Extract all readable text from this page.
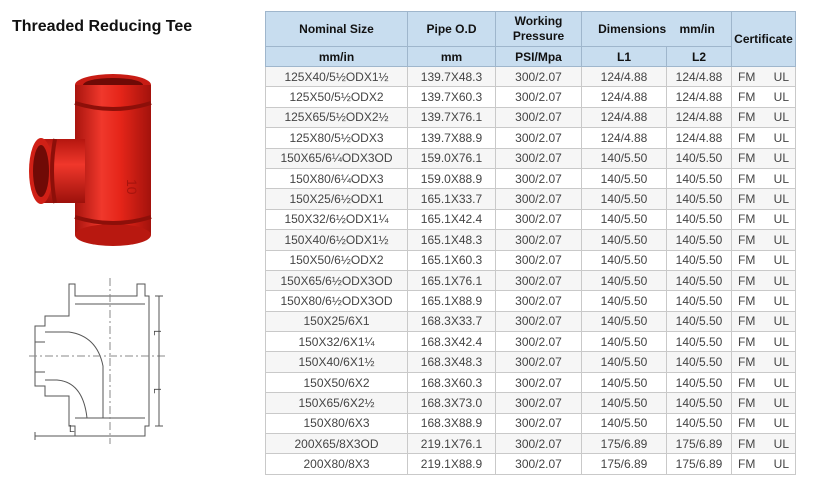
Threaded Reducing Tee
10
L
L
L
Nominal Size	Pipe O.D	Working Pressure	Dimensions mm/in		Certificate
mm/in	mm	PSI/Mpa	L1	L2	
125X40/5½ODX1½	139.7X48.3	300/2.07	124/4.88	124/4.88	FM UL

125X50/5½ODX2	139.7X60.3	300/2.07	124/4.88	124/4.88	FM UL

125X65/5½ODX2½	139.7X76.1	300/2.07	124/4.88	124/4.88	FM UL

125X80/5½ODX3	139.7X88.9	300/2.07	124/4.88	124/4.88	FM UL

150X65/6¼ODX3OD	159.0X76.1	300/2.07	140/5.50	140/5.50	FM UL

150X80/6¼ODX3	159.0X88.9	300/2.07	140/5.50	140/5.50	FM UL

150X25/6½ODX1	165.1X33.7	300/2.07	140/5.50	140/5.50	FM UL

150X32/6½ODX1¼	165.1X42.4	300/2.07	140/5.50	140/5.50	FM UL

150X40/6½ODX1½	165.1X48.3	300/2.07	140/5.50	140/5.50	FM UL

150X50/6½ODX2	165.1X60.3	300/2.07	140/5.50	140/5.50	FM UL

150X65/6½ODX3OD	165.1X76.1	300/2.07	140/5.50	140/5.50	FM UL

150X80/6½ODX3OD	165.1X88.9	300/2.07	140/5.50	140/5.50	FM UL

150X25/6X1	168.3X33.7	300/2.07	140/5.50	140/5.50	FM UL

150X32/6X1¼	168.3X42.4	300/2.07	140/5.50	140/5.50	FM UL

150X40/6X1½	168.3X48.3	300/2.07	140/5.50	140/5.50	FM UL

150X50/6X2	168.3X60.3	300/2.07	140/5.50	140/5.50	FM UL

150X65/6X2½	168.3X73.0	300/2.07	140/5.50	140/5.50	FM UL

150X80/6X3	168.3X88.9	300/2.07	140/5.50	140/5.50	FM UL

200X65/8X3OD	219.1X76.1	300/2.07	175/6.89	175/6.89	FM UL

200X80/8X3	219.1X88.9	300/2.07	175/6.89	175/6.89	FM UL
